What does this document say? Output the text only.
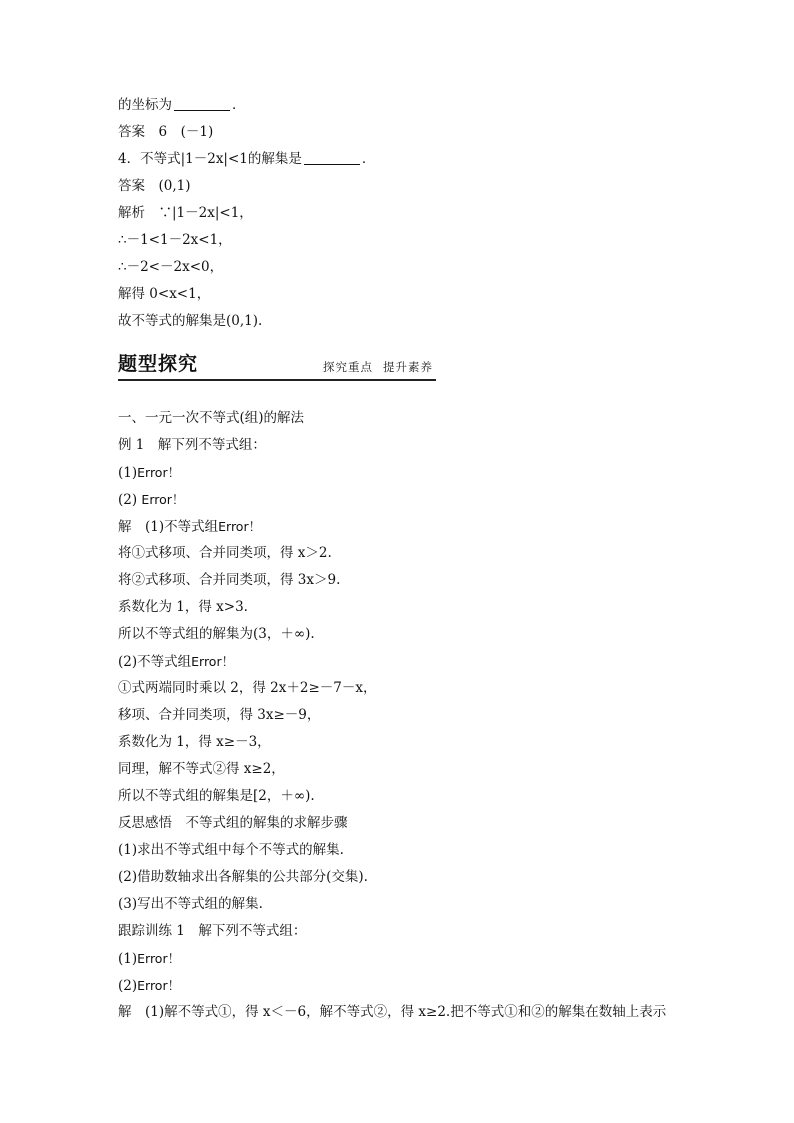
的坐标为	．
答案　6　(－1)
4．不等式|1－2x|<1的解集是	．
答案　(0,1)
解析　∵|1－2x|<1，
∴－1<1－2x<1，
∴－2<－2x<0，
解得 0<x<1，
故不等式的解集是(0,1).
题型探究	探究重点 提升素养
一、一元一次不等式(组)的解法
例 1　解下列不等式组：
(1)Error！
(2) Error！
解　(1)不等式组Error！
将①式移项、合并同类项，得 x＞2.
将②式移项、合并同类项，得 3x＞9.
系数化为 1，得 x>3.
所以不等式组的解集为(3，＋∞).
(2)不等式组Error！
①式两端同时乘以 2，得 2x＋2≥－7－x，
移项、合并同类项，得 3x≥－9，
系数化为 1，得 x≥－3，
同理，解不等式②得 x≥2，
所以不等式组的解集是[2，＋∞).
反思感悟　不等式组的解集的求解步骤
(1)求出不等式组中每个不等式的解集.
(2)借助数轴求出各解集的公共部分(交集).
(3)写出不等式组的解集.
跟踪训练 1　解下列不等式组：
(1)Error！
(2)Error！
解　(1)解不等式①，得 x＜－6，解不等式②，得 x≥2.把不等式①和②的解集在数轴上表示
